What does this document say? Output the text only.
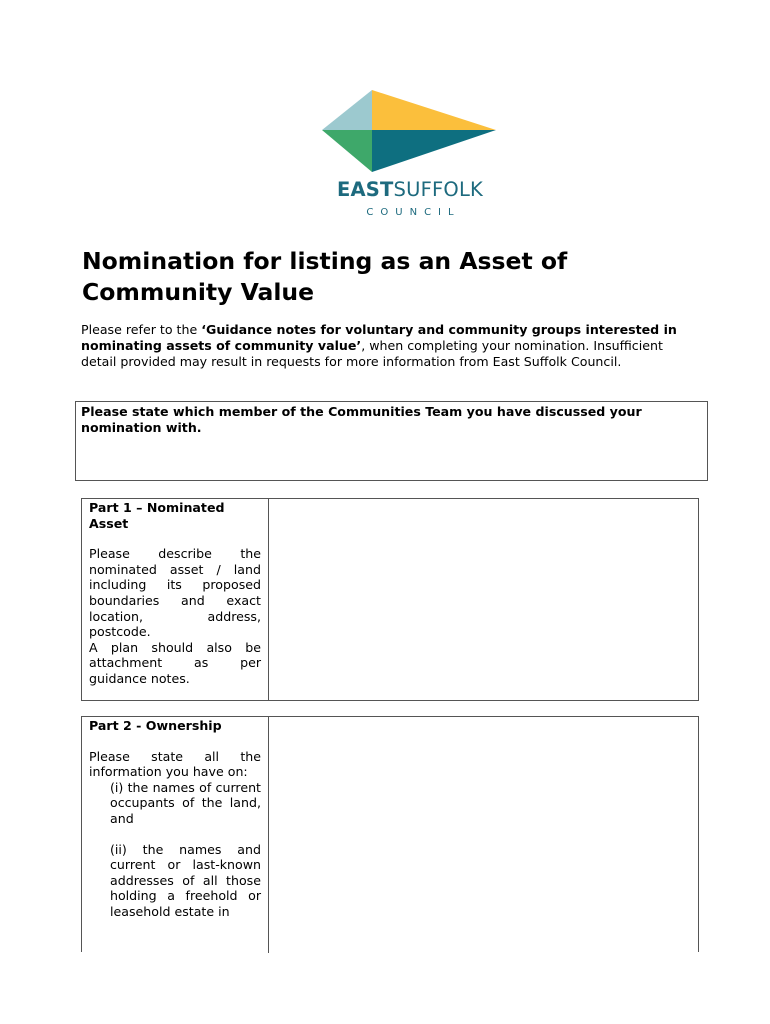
EASTSUFFOLK
COUNCIL
Nomination for listing as an Asset of Community Value
Please refer to the ‘Guidance notes for voluntary and community groups interested in nominating assets of community value’, when completing your nomination. Insufficient detail provided may result in requests for more information from East Suffolk Council.
Please state which member of the Communities Team you have discussed your nomination with.
Part 1 – Nominated Asset
Please describe the nominated asset / land including its proposed boundaries and exact location, address, postcode.
A plan should also be attachment as per guidance notes.
Part 2 - Ownership
Please state all the information you have on:
(i) the names of current occupants of the land, and
(ii) the names and current or last-known addresses of all those holding a freehold or leasehold estate in
